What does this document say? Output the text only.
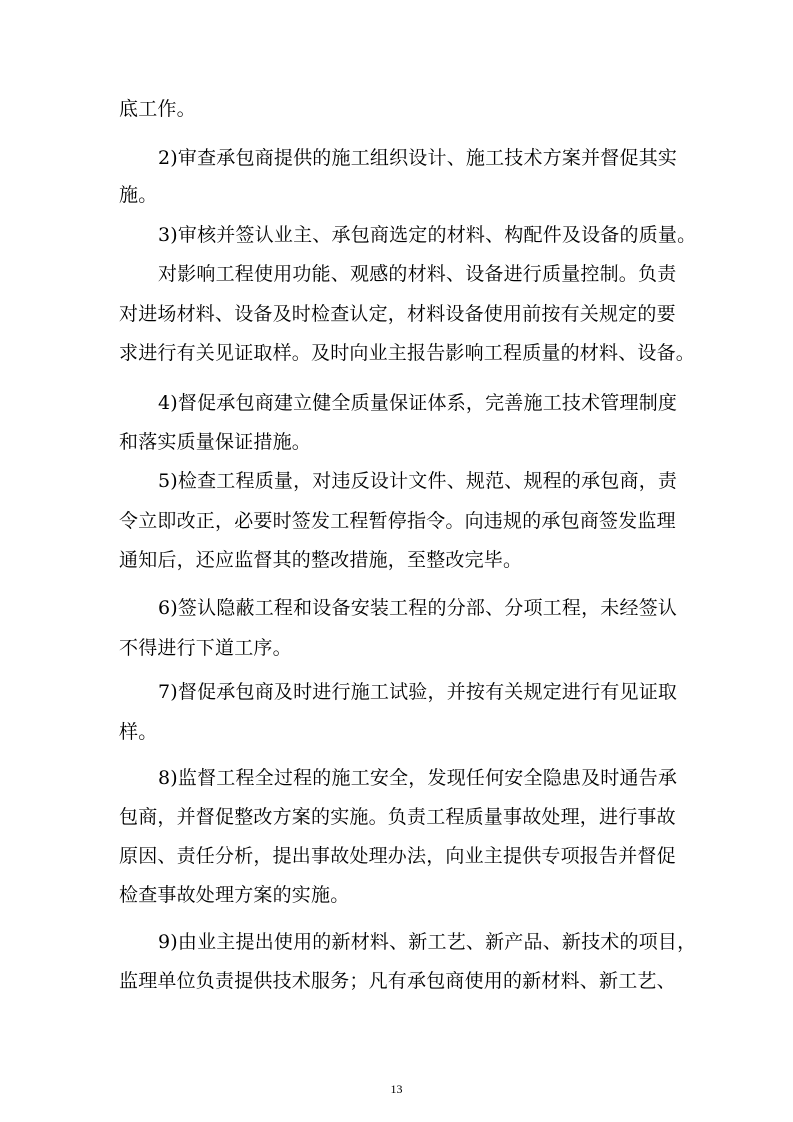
底工作。
2)审查承包商提供的施工组织设计、施工技术方案并督促其实
施。
3)审核并签认业主、承包商选定的材料、构配件及设备的质量。
对影响工程使用功能、观感的材料、设备进行质量控制。负责
对进场材料、设备及时检查认定，材料设备使用前按有关规定的要
求进行有关见证取样。及时向业主报告影响工程质量的材料、设备。
4)督促承包商建立健全质量保证体系，完善施工技术管理制度
和落实质量保证措施。
5)检查工程质量，对违反设计文件、规范、规程的承包商，责
令立即改正，必要时签发工程暂停指令。向违规的承包商签发监理
通知后，还应监督其的整改措施，至整改完毕。
6)签认隐蔽工程和设备安装工程的分部、分项工程，未经签认
不得进行下道工序。
7)督促承包商及时进行施工试验，并按有关规定进行有见证取
样。
8)监督工程全过程的施工安全，发现任何安全隐患及时通告承
包商，并督促整改方案的实施。负责工程质量事故处理，进行事故
原因、责任分析，提出事故处理办法，向业主提供专项报告并督促
检查事故处理方案的实施。
9)由业主提出使用的新材料、新工艺、新产品、新技术的项目，
监理单位负责提供技术服务；凡有承包商使用的新材料、新工艺、
13
